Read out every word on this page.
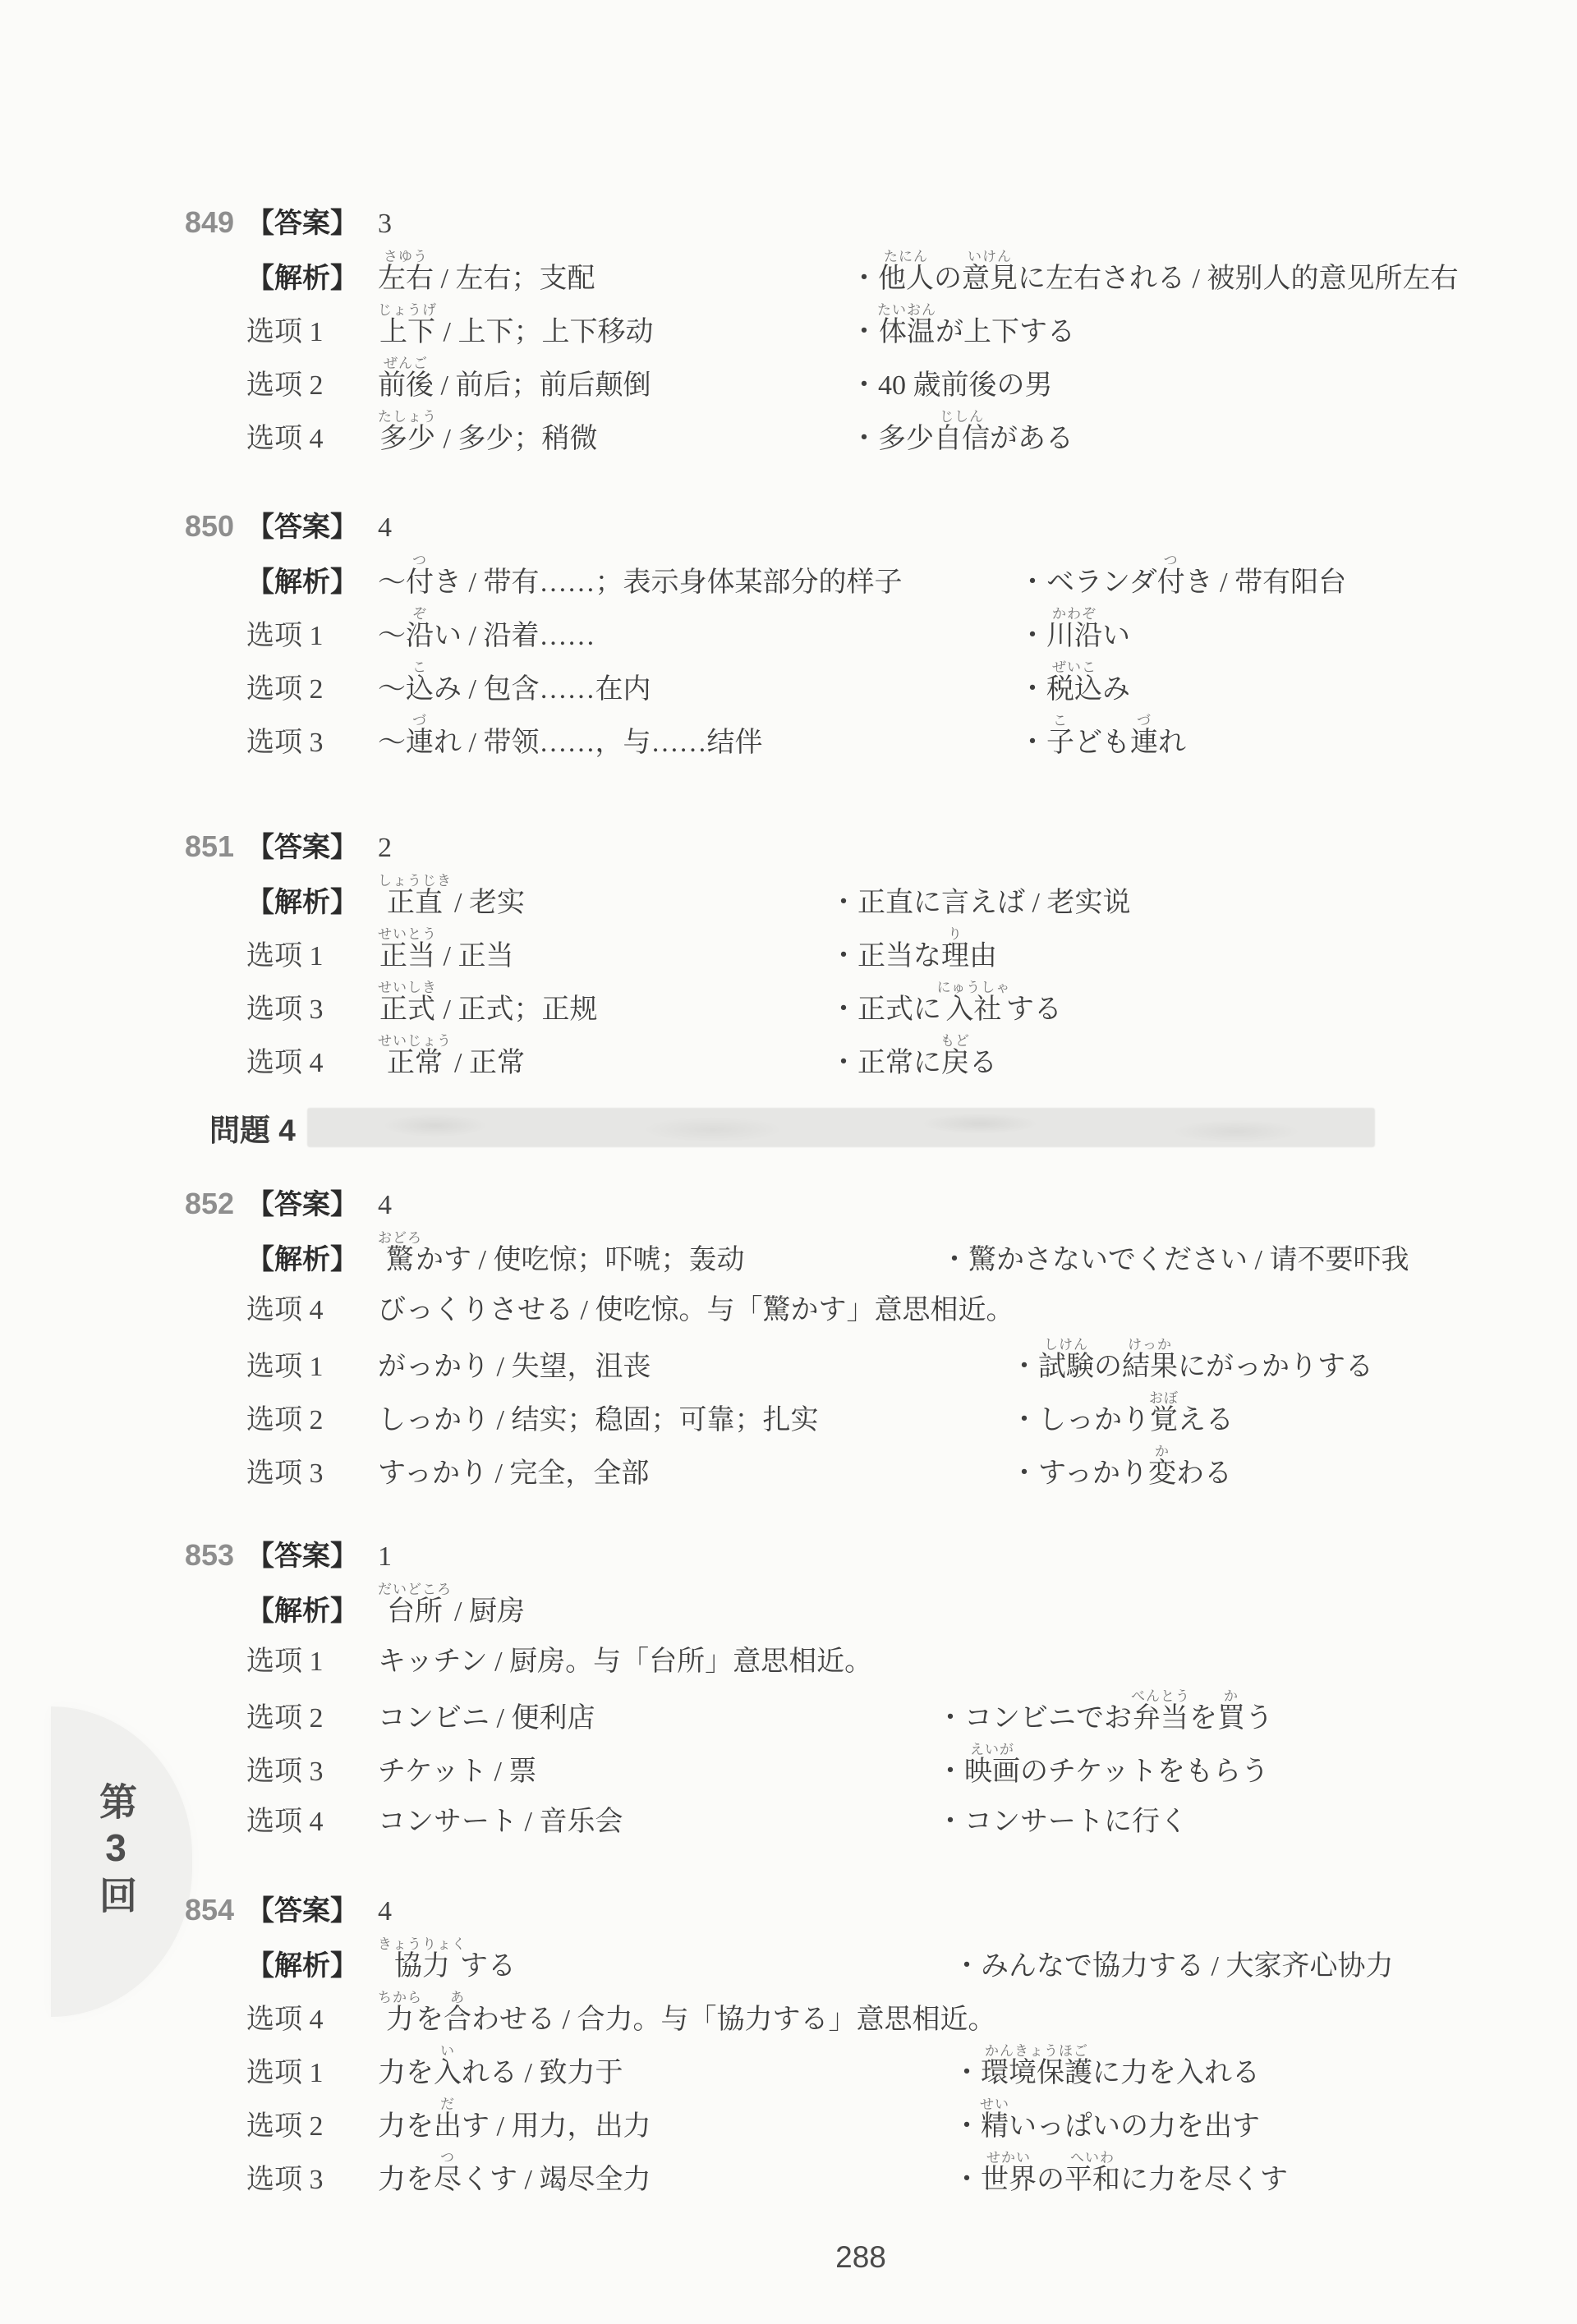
第3回
849 【答案】 3
【解析】 左右さゆう / 左右；支配	・他人たにんの意見いけんに左右される / 被别人的意见所左右
选项 1	上下じょうげ / 上下；上下移动	・体温たいおんが上下する
选项 2	前後ぜんご / 前后；前后颠倒	・40 歳前後の男
选项 4	多少たしょう / 多少；稍微	・多少自信じしんがある
850 【答案】 4
【解析】 ～付つき / 带有……；表示身体某部分的样子	・ベランダ付つき / 带有阳台
选项 1	～沿ぞい / 沿着……	・川沿かわぞい
选项 2	～込こみ / 包含……在内	・税込ぜいこみ
选项 3	～連づれ / 带领……，与……结伴	・子こども連づれ
851 【答案】 2
【解析】 正直しょうじき / 老实	・正直に言えば / 老实说
选项 1	正当せいとう / 正当	・正当な理り由
选项 3	正式せいしき / 正式；正规	・正式に入社にゅうしゃする
选项 4	正常せいじょう / 正常	・正常に戻もどる
問題 4
852 【答案】 4
【解析】 驚おどろかす / 使吃惊；吓唬；轰动	・驚かさないでください / 请不要吓我
选项 4	びっくりさせる / 使吃惊。与「驚かす」意思相近。
选项 1	がっかり / 失望，沮丧	・試験しけんの結果けっかにがっかりする
选项 2	しっかり / 结实；稳固；可靠；扎实	・しっかり覚おぼえる
选项 3	すっかり / 完全，全部	・すっかり変かわる
853 【答案】 1
【解析】 台所だいどころ / 厨房
选项 1	キッチン / 厨房。与「台所」意思相近。
选项 2	コンビニ / 便利店	・コンビニでお弁当べんとうを買かう
选项 3	チケット / 票	・映画えいがのチケットをもらう
选项 4	コンサート / 音乐会	・コンサートに行く
854 【答案】 4
【解析】 協力きょうりょくする	・みんなで協力する / 大家齐心协力
选项 4	力ちからを合あわせる / 合力。与「協力する」意思相近。
选项 1	力を入いれる / 致力于	・環境保護かんきょうほごに力を入れる
选项 2	力を出だす / 用力，出力	・精せいいっぱいの力を出す
选项 3	力を尽つくす / 竭尽全力	・世界せかいの平和へいわに力を尽くす
288
